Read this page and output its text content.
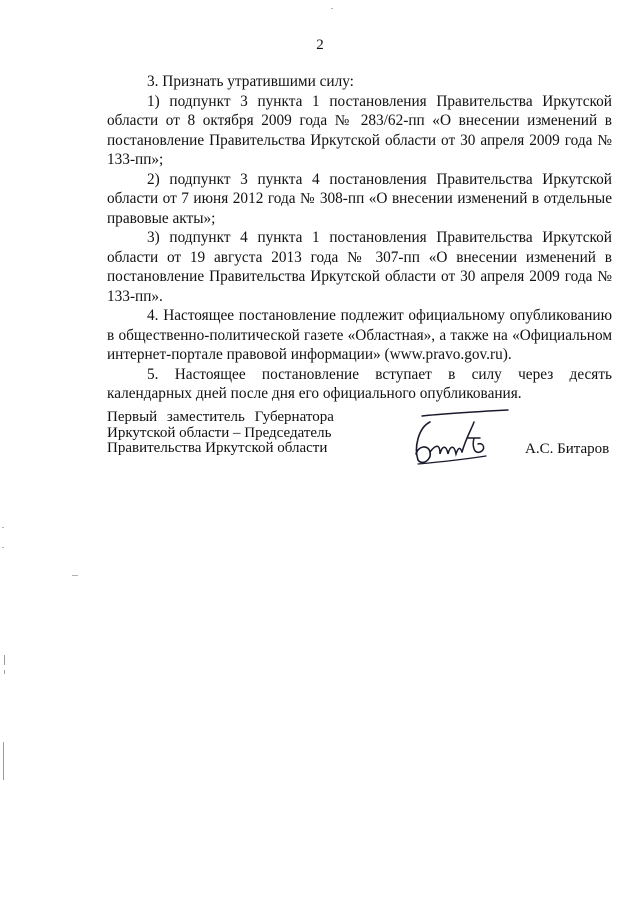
2

3. Признать утратившими силу:

1) подпункт 3 пункта 1 постановления Правительства Иркутской области от 8 октября 2009 года № 283/62-пп «О внесении изменений в постановление Правительства Иркутской области от 30 апреля 2009 года № 133-пп»;

2) подпункт 3 пункта 4 постановления Правительства Иркутской области от 7 июня 2012 года № 308-пп «О внесении изменений в отдельные правовые акты»;

3) подпункт 4 пункта 1 постановления Правительства Иркутской области от 19 августа 2013 года № 307-пп «О внесении изменений в постановление Правительства Иркутской области от 30 апреля 2009 года № 133-пп».

4. Настоящее постановление подлежит официальному опубликованию в общественно-политической газете «Областная», а также на «Официальном интернет-портале правовой информации» (www.pravo.gov.ru).

5. Настоящее постановление вступает в силу через десять календарных дней после дня его официального опубликования.

Первый заместитель Губернатора
Иркутской области – Председатель
Правительства Иркутской области	А.С. Битаров
